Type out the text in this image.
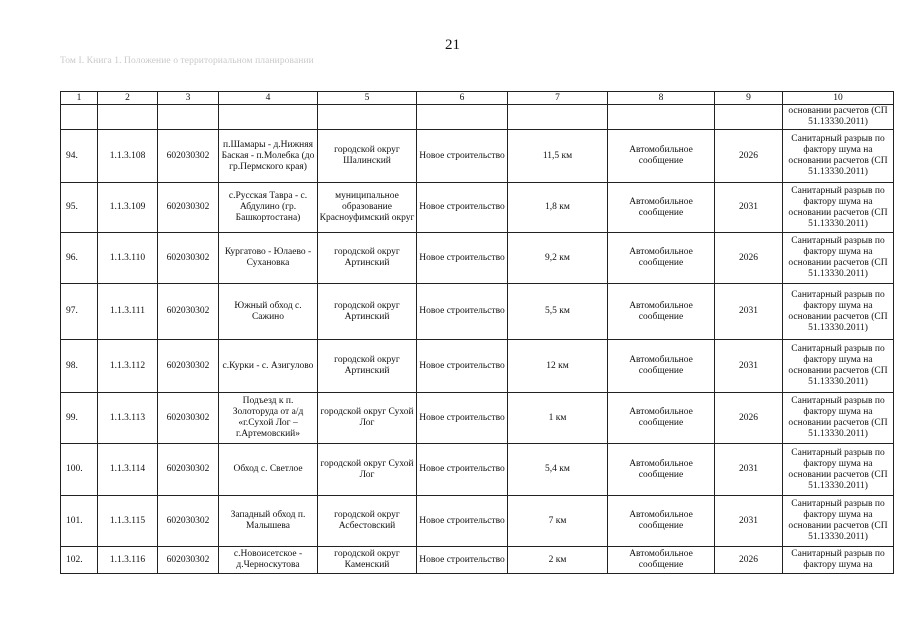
21
Том I. Книга 1. Положение о территориальном планировании
1	2	3	4	5	6	7	8	9	10
									основании расчетов (СП 51.13330.2011)
94.	1.1.3.108	602030302	п.Шамары - д.Нижняя Баская - п.Молебка (до гр.Пермского края)	городской округ Шалинский	Новое строительство	11,5 км	Автомобильное сообщение	2026	Санитарный разрыв по фактору шума на основании расчетов (СП 51.13330.2011)
95.	1.1.3.109	602030302	с.Русская Тавра - с. Абдулино (гр. Башкортостана)	муниципальное образование Красноуфимский округ	Новое строительство	1,8 км	Автомобильное сообщение	2031	Санитарный разрыв по фактору шума на основании расчетов (СП 51.13330.2011)
96.	1.1.3.110	602030302	Кургатово - Юлаево - Сухановка	городской округ Артинский	Новое строительство	9,2 км	Автомобильное сообщение	2026	Санитарный разрыв по фактору шума на основании расчетов (СП 51.13330.2011)
97.	1.1.3.111	602030302	Южный обход с. Сажино	городской округ Артинский	Новое строительство	5,5 км	Автомобильное сообщение	2031	Санитарный разрыв по фактору шума на основании расчетов (СП 51.13330.2011)
98.	1.1.3.112	602030302	с.Курки - с. Азигулово	городской округ Артинский	Новое строительство	12 км	Автомобильное сообщение	2031	Санитарный разрыв по фактору шума на основании расчетов (СП 51.13330.2011)
99.	1.1.3.113	602030302	Подъезд к п. Золоторуда от а/д «г.Сухой Лог – г.Артемовский»	городской округ Сухой Лог	Новое строительство	1 км	Автомобильное сообщение	2026	Санитарный разрыв по фактору шума на основании расчетов (СП 51.13330.2011)
100.	1.1.3.114	602030302	Обход с. Светлое	городской округ Сухой Лог	Новое строительство	5,4 км	Автомобильное сообщение	2031	Санитарный разрыв по фактору шума на основании расчетов (СП 51.13330.2011)
101.	1.1.3.115	602030302	Западный обход п. Малышева	городской округ Асбестовский	Новое строительство	7 км	Автомобильное сообщение	2031	Санитарный разрыв по фактору шума на основании расчетов (СП 51.13330.2011)
102.	1.1.3.116	602030302	с.Новоисетское - д.Черноскутова	городской округ Каменский	Новое строительство	2 км	Автомобильное сообщение	2026	Санитарный разрыв по фактору шума на
